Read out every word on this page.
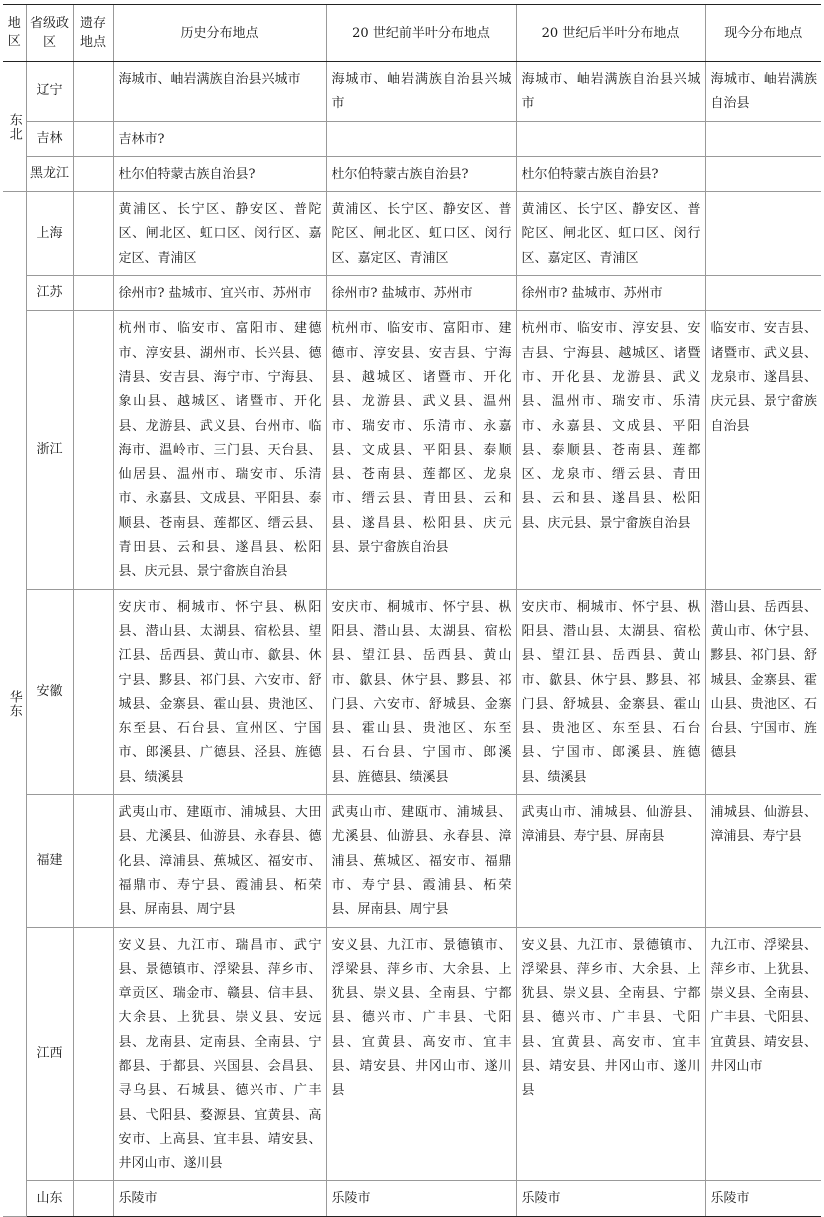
地区	省级政区	遗存地点	历史分布地点	20 世纪前半叶分布地点	20 世纪后半叶分布地点	现今分布地点

东北	辽宁		海城市、岫岩满族自治县兴城市	海城市、岫岩满族自治县兴城市	海城市、岫岩满族自治县兴城市	海城市、岫岩满族自治县
	吉林		吉林市?			
	黑龙江		杜尔伯特蒙古族自治县?	杜尔伯特蒙古族自治县?	杜尔伯特蒙古族自治县?	

华东	上海		黄浦区、长宁区、静安区、普陀区、闸北区、虹口区、闵行区、嘉定区、青浦区	黄浦区、长宁区、静安区、普陀区、闸北区、虹口区、闵行区、嘉定区、青浦区	黄浦区、长宁区、静安区、普陀区、闸北区、虹口区、闵行区、嘉定区、青浦区	
	江苏		徐州市? 盐城市、宜兴市、苏州市	徐州市? 盐城市、苏州市	徐州市? 盐城市、苏州市	
	浙江		杭州市、临安市、富阳市、建德市、淳安县、湖州市、长兴县、德清县、安吉县、海宁市、宁海县、象山县、越城区、诸暨市、开化县、龙游县、武义县、台州市、临海市、温岭市、三门县、天台县、仙居县、温州市、瑞安市、乐清市、永嘉县、文成县、平阳县、泰顺县、苍南县、莲都区、缙云县、青田县、云和县、遂昌县、松阳县、庆元县、景宁畲族自治县	杭州市、临安市、富阳市、建德市、淳安县、安吉县、宁海县、越城区、诸暨市、开化县、龙游县、武义县、温州市、瑞安市、乐清市、永嘉县、文成县、平阳县、泰顺县、苍南县、莲都区、龙泉市、缙云县、青田县、云和县、遂昌县、松阳县、庆元县、景宁畲族自治县	杭州市、临安市、淳安县、安吉县、宁海县、越城区、诸暨市、开化县、龙游县、武义县、温州市、瑞安市、乐清市、永嘉县、文成县、平阳县、泰顺县、苍南县、莲都区、龙泉市、缙云县、青田县、云和县、遂昌县、松阳县、庆元县、景宁畲族自治县	临安市、安吉县、诸暨市、武义县、龙泉市、遂昌县、庆元县、景宁畲族自治县
	安徽		安庆市、桐城市、怀宁县、枞阳县、潜山县、太湖县、宿松县、望江县、岳西县、黄山市、歙县、休宁县、黟县、祁门县、六安市、舒城县、金寨县、霍山县、贵池区、东至县、石台县、宣州区、宁国市、郎溪县、广德县、泾县、旌德县、绩溪县	安庆市、桐城市、怀宁县、枞阳县、潜山县、太湖县、宿松县、望江县、岳西县、黄山市、歙县、休宁县、黟县、祁门县、六安市、舒城县、金寨县、霍山县、贵池区、东至县、石台县、宁国市、郎溪县、旌德县、绩溪县	安庆市、桐城市、怀宁县、枞阳县、潜山县、太湖县、宿松县、望江县、岳西县、黄山市、歙县、休宁县、黟县、祁门县、舒城县、金寨县、霍山县、贵池区、东至县、石台县、宁国市、郎溪县、旌德县、绩溪县	潜山县、岳西县、黄山市、休宁县、黟县、祁门县、舒城县、金寨县、霍山县、贵池区、石台县、宁国市、旌德县
	福建		武夷山市、建瓯市、浦城县、大田县、尤溪县、仙游县、永春县、德化县、漳浦县、蕉城区、福安市、福鼎市、寿宁县、霞浦县、柘荣县、屏南县、周宁县	武夷山市、建瓯市、浦城县、尤溪县、仙游县、永春县、漳浦县、蕉城区、福安市、福鼎市、寿宁县、霞浦县、柘荣县、屏南县、周宁县	武夷山市、浦城县、仙游县、漳浦县、寿宁县、屏南县	浦城县、仙游县、漳浦县、寿宁县
	江西		安义县、九江市、瑞昌市、武宁县、景德镇市、浮梁县、萍乡市、章贡区、瑞金市、赣县、信丰县、大余县、上犹县、崇义县、安远县、龙南县、定南县、全南县、宁都县、于都县、兴国县、会昌县、寻乌县、石城县、德兴市、广丰县、弋阳县、婺源县、宜黄县、高安市、上高县、宜丰县、靖安县、井冈山市、遂川县	安义县、九江市、景德镇市、浮梁县、萍乡市、大余县、上犹县、崇义县、全南县、宁都县、德兴市、广丰县、弋阳县、宜黄县、高安市、宜丰县、靖安县、井冈山市、遂川县	安义县、九江市、景德镇市、浮梁县、萍乡市、大余县、上犹县、崇义县、全南县、宁都县、德兴市、广丰县、弋阳县、宜黄县、高安市、宜丰县、靖安县、井冈山市、遂川县	九江市、浮梁县、萍乡市、上犹县、崇义县、全南县、广丰县、弋阳县、宜黄县、靖安县、井冈山市
	山东		乐陵市	乐陵市	乐陵市	乐陵市
